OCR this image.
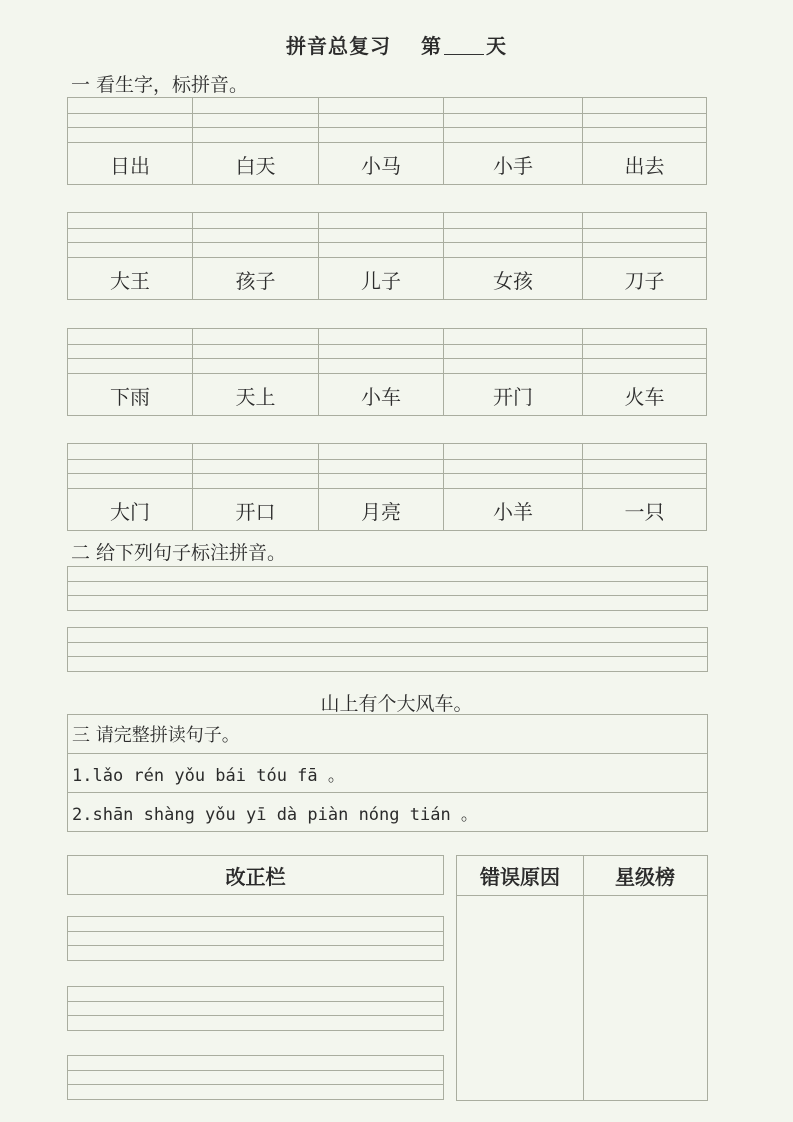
拼音总复习 第 天
一 看生字，标拼音。
日出	白天	小马	小手	出去
大王	孩子	儿子	女孩	刀子
下雨	天上	小车	开门	火车
大门	开口	月亮	小羊	一只
二 给下列句子标注拼音。
山上有个大风车。
三 请完整拼读句子。
1.lǎo rén yǒu bái tóu fā 。
2.shān shàng yǒu yī dà piàn nóng tián 。
改正栏	错误原因	星级榜
